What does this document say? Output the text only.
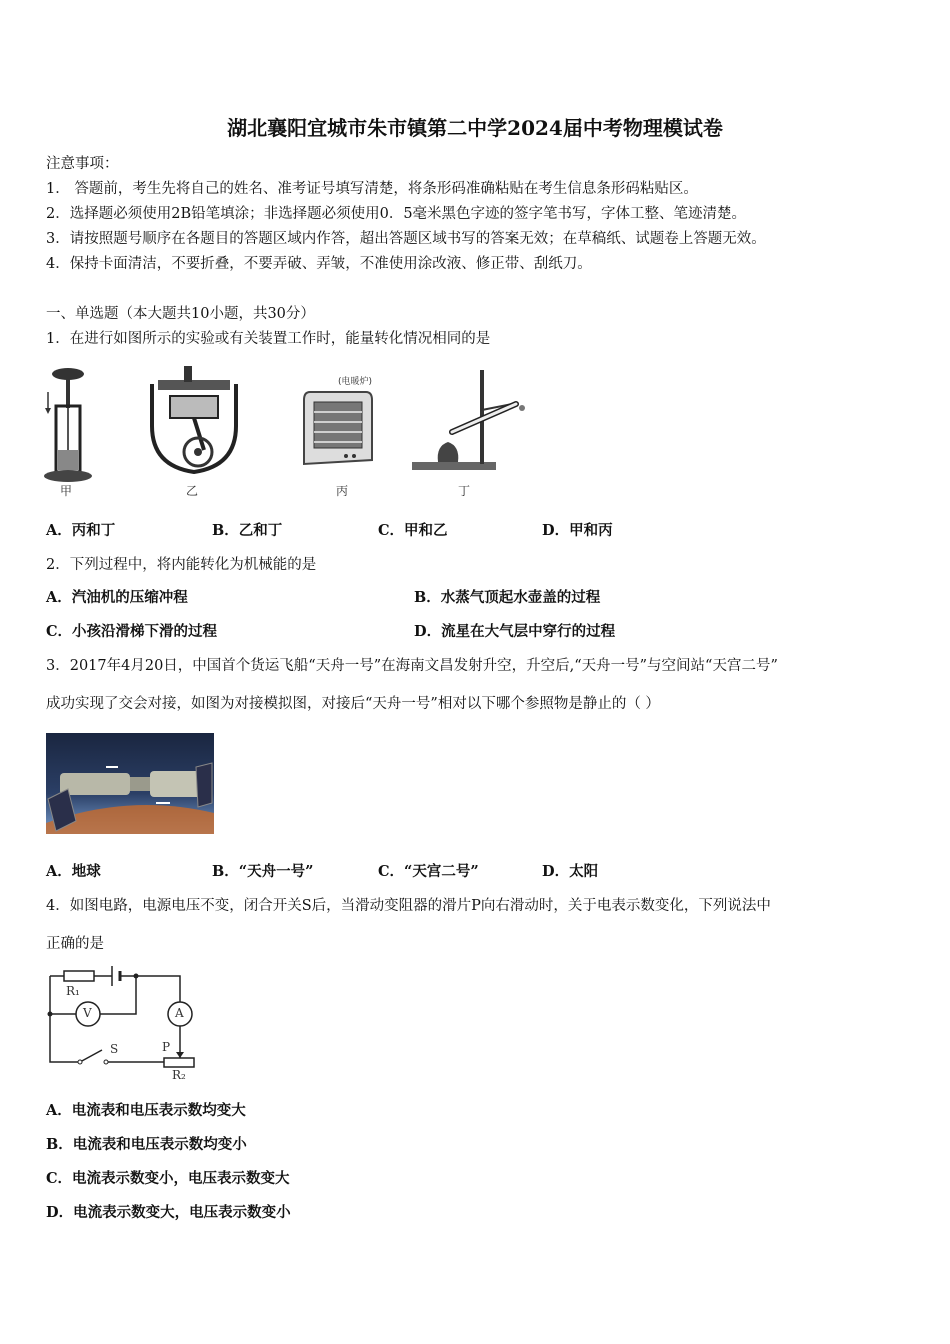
湖北襄阳宜城市朱市镇第二中学2024届中考物理模试卷
注意事项：
1． 答题前，考生先将自己的姓名、准考证号填写清楚，将条形码准确粘贴在考生信息条形码粘贴区。
2．选择题必须使用2B铅笔填涂；非选择题必须使用0．5毫米黑色字迹的签字笔书写，字体工整、笔迹清楚。
3．请按照题号顺序在各题目的答题区域内作答，超出答题区域书写的答案无效；在草稿纸、试题卷上答题无效。
4．保持卡面清洁，不要折叠，不要弄破、弄皱，不准使用涂改液、修正带、刮纸刀。
一、单选题（本大题共10小题，共30分）
1．在进行如图所示的实验或有关装置工作时，能量转化情况相同的是
甲	乙
(电暖炉)
丙	丁
A．丙和丁	B．乙和丁	C．甲和乙	D．甲和丙
2．下列过程中，将内能转化为机械能的是
A．汽油机的压缩冲程	B．水蒸气顶起水壶盖的过程
C．小孩沿滑梯下滑的过程	D．流星在大气层中穿行的过程
3．2017年4月20日，中国首个货运飞船“天舟一号”在海南文昌发射升空，升空后,“天舟一号”与空间站“天宫二号”
成功实现了交会对接，如图为对接模拟图，对接后“天舟一号”相对以下哪个参照物是静止的（ ）
A．地球	B．“天舟一号”	C．“天宫二号”	D．太阳
4．如图电路，电源电压不变，闭合开关S后，当滑动变阻器的滑片P向右滑动时，关于电表示数变化，下列说法中
正确的是
R₁
V	A
S	P
R₂
A．电流表和电压表示数均变大
B．电流表和电压表示数均变小
C．电流表示数变小，电压表示数变大
D．电流表示数变大，电压表示数变小
